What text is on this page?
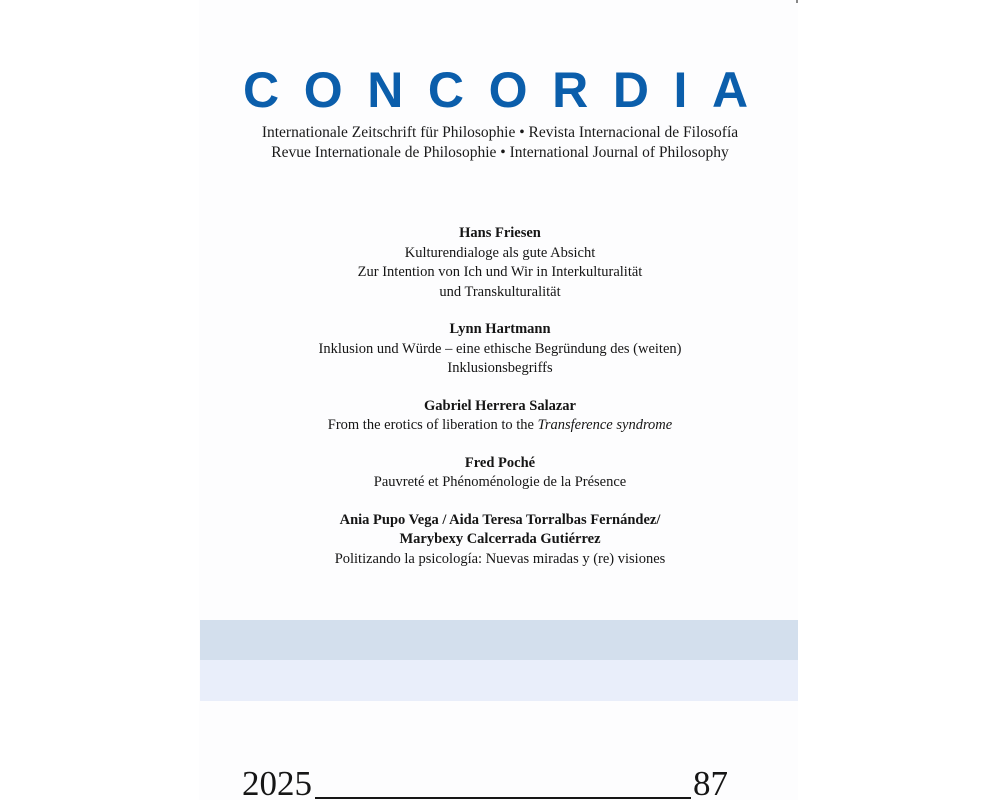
CONCORDIA
Internationale Zeitschrift für Philosophie • Revista Internacional de Filosofía
Revue Internationale de Philosophie • International Journal of Philosophy
Hans Friesen
Kulturendialoge als gute Absicht
Zur Intention von Ich und Wir in Interkulturalität
und Transkulturalität
Lynn Hartmann
Inklusion und Würde – eine ethische Begründung des (weiten)
Inklusionsbegriffs
Gabriel Herrera Salazar
From the erotics of liberation to the Transference syndrome
Fred Poché
Pauvreté et Phénoménologie de la Présence
Ania Pupo Vega / Aida Teresa Torralbas Fernández/
Marybexy Calcerrada Gutiérrez
Politizando la psicología: Nuevas miradas y (re) visiones
2025	87
